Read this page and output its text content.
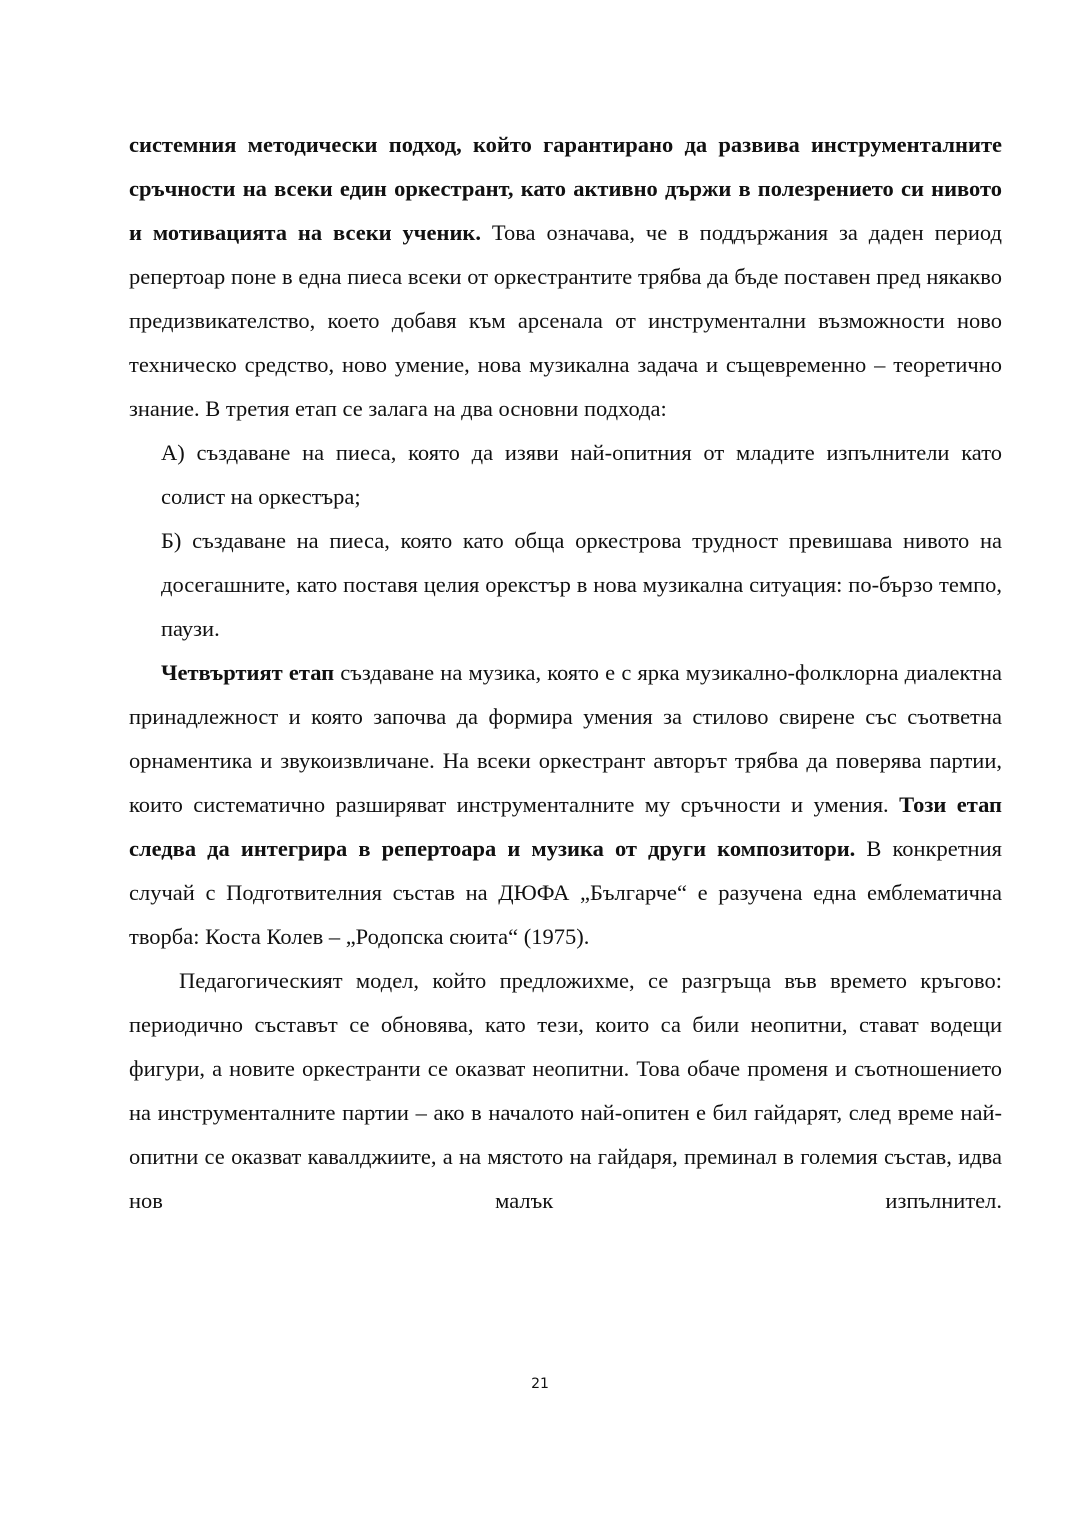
системния методически подход, който гарантирано да развива инструменталните сръчности на всеки един оркестрант, като активно държи в полезрението си нивото и мотивацията на всеки ученик. Това означава, че в поддържания за даден период репертоар поне в една пиеса всеки от оркестрантите трябва да бъде поставен пред някакво предизвикателство, което добавя към арсенала от инструментални възможности ново техническо средство, ново умение, нова музикална задача и същевременно – теоретично знание. В третия етап се залага на два основни подхода:

А) създаване на пиеса, която да изяви най-опитния от младите изпълнители като солист на оркестъра;

Б) създаване на пиеса, която като обща оркестрова трудност превишава нивото на досегашните, като поставя целия орекстър в нова музикална ситуация: по-бързо темпо, паузи.

Четвъртият етап създаване на музика, която е с ярка музикално-фолклорна диалектна принадлежност и която започва да формира умения за стилово свирене със съответна орнаментика и звукоизвличане. На всеки оркестрант авторът трябва да поверява партии, които систематично разширяват инструменталните му сръчности и умения. Този етап следва да интегрира в репертоара и музика от други композитори. В конкретния случай с Подготвителния състав на ДЮФА „Българче“ е разучена една емблематична творба: Коста Колев – „Родопска сюита“ (1975).

Педагогическият модел, който предложихме, се разгръща във времето кръгово: периодично съставът се обновява, като тези, които са били неопитни, стават водещи фигури, а новите оркестранти се оказват неопитни. Това обаче променя и съотношението на инструменталните партии – ако в началото най-опитен е бил гайдарят, след време най-опитни се оказват кавалджиите, а на мястото на гайдаря, преминал в големия състав, идва нов малък изпълнител.

21
